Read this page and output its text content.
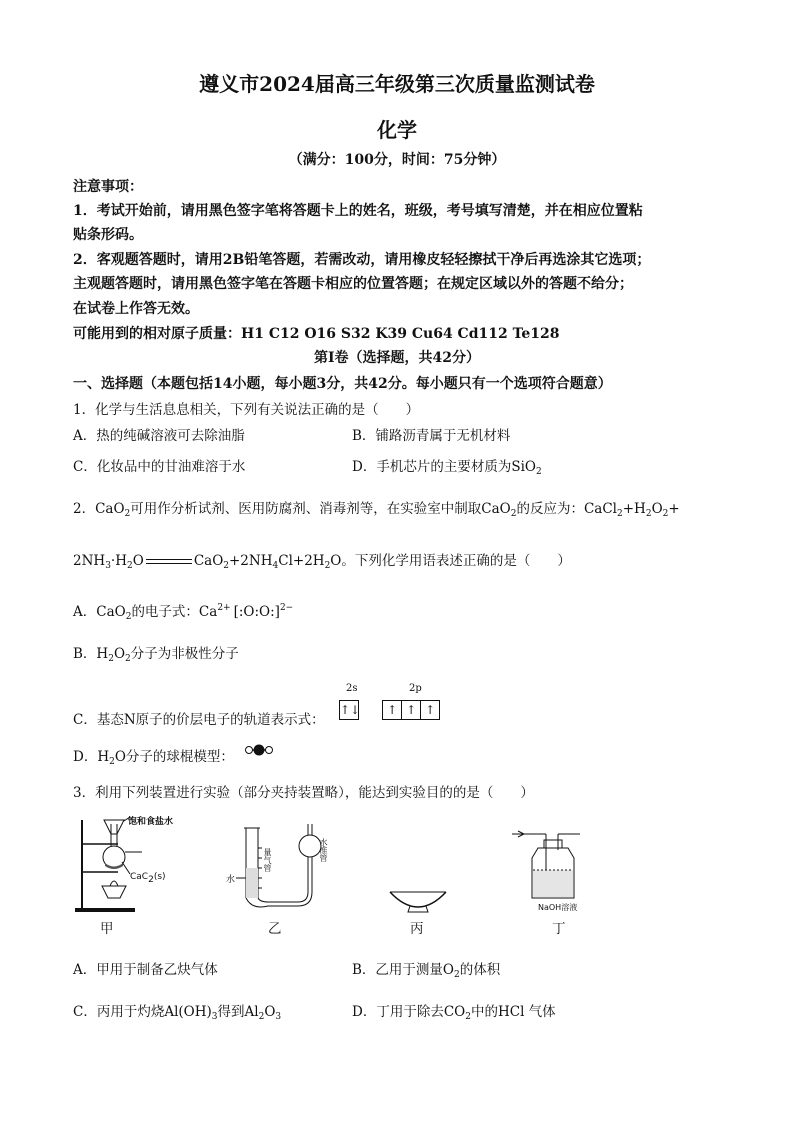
遵义市2024届高三年级第三次质量监测试卷
化学
（满分：100分，时间：75分钟）
注意事项：
1．考试开始前，请用黑色签字笔将答题卡上的姓名，班级，考号填写清楚，并在相应位置粘
贴条形码。
2．客观题答题时，请用2B铅笔答题，若需改动，请用橡皮轻轻擦拭干净后再选涂其它选项；
主观题答题时，请用黑色签字笔在答题卡相应的位置答题；在规定区域以外的答题不给分；
在试卷上作答无效。
可能用到的相对原子质量：H1 C12 O16 S32 K39 Cu64 Cd112 Te128
第Ⅰ卷（选择题，共42分）
一、选择题（本题包括14小题，每小题3分，共42分。每小题只有一个选项符合题意）
1．化学与生活息息相关，下列有关说法正确的是（　　）
A．热的纯碱溶液可去除油脂	B．铺路沥青属于无机材料
C．化妆品中的甘油难溶于水	D．手机芯片的主要材质为SiO$_2$
2．CaO$_2$可用作分析试剂、医用防腐剂、消毒剂等，在实验室中制取CaO$_2$的反应为：$CaCl_2+H_2O_2+$
$2NH_3\cdot H_2O$	$CaO_2+2NH_4Cl+2H_2O$。下列化学用语表述正确的是（　　）
A．CaO$_2$的电子式：$Ca^{2+}$ [:O:O:]$^{2-}$
B．$H_2O_2$分子为非极性分子
2s	2p
C．基态N原子的价层电子的轨道表示式：
↑↓ ↑ ↑ ↑
D．$H_2O$分子的球棍模型：
3．利用下列装置进行实验（部分夹持装置略），能达到实验目的的是（　　）
饱和食盐水
CaC$_2$(s)	水
量气管	水准管
NaOH溶液
甲	乙	丙	丁
A．甲用于制备乙炔气体	B．乙用于测量$O_2$的体积
C．丙用于灼烧$Al(OH)_3$得到$Al_2O_3$	D．丁用于除去$CO_2$中的HCl 气体
